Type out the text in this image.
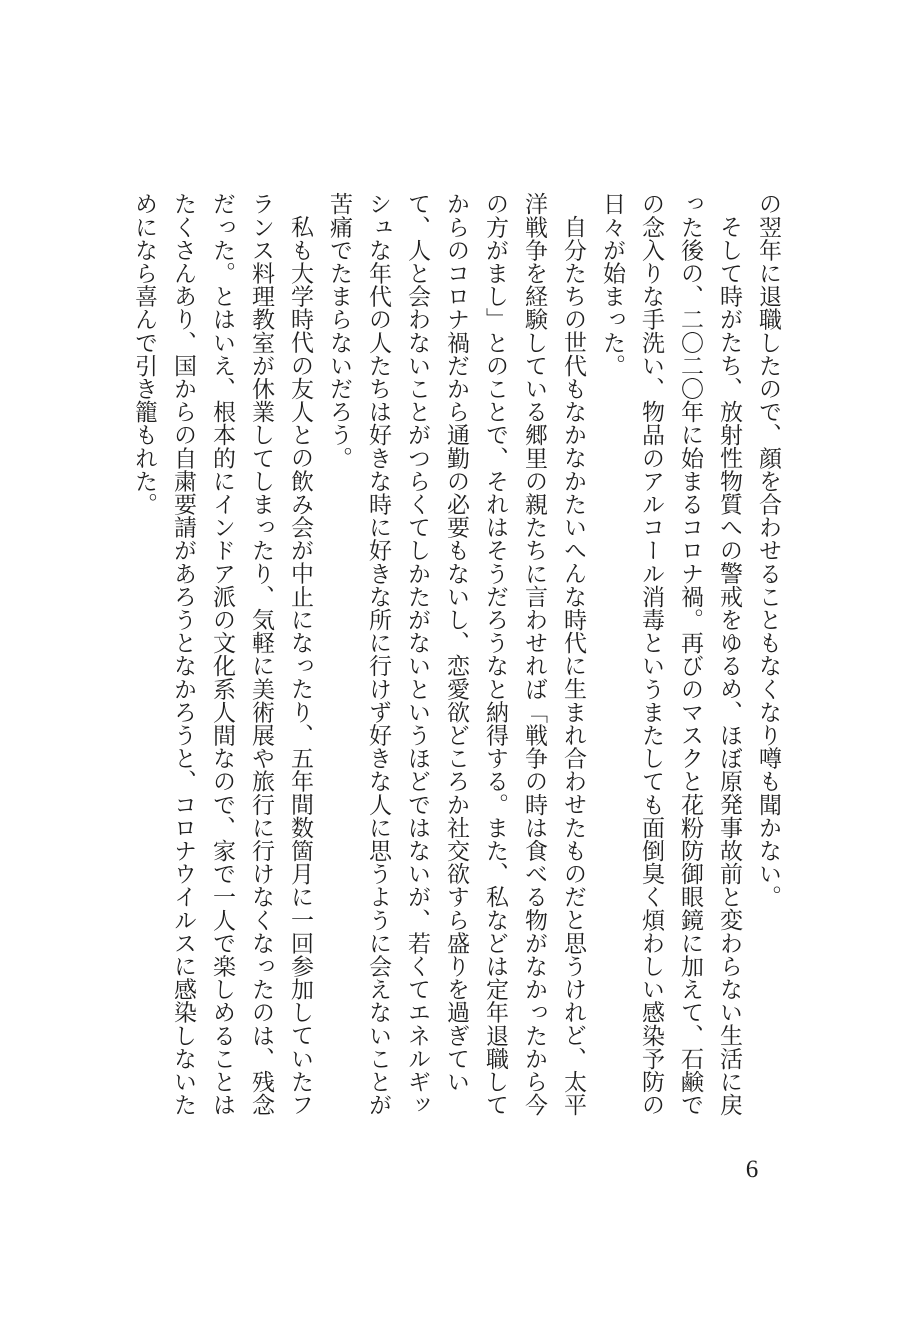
の翌年に退職したので、顔を合わせることもなくなり噂も聞かない。

そして時がたち、放射性物質への警戒をゆるめ、ほぼ原発事故前と変わらない生活に戻った後の、二〇二〇年に始まるコロナ禍。再びのマスクと花粉防御眼鏡に加えて、石鹸での念入りな手洗い、物品のアルコール消毒というまたしても面倒臭く煩わしい感染予防の日々が始まった。

自分たちの世代もなかなかたいへんな時代に生まれ合わせたものだと思うけれど、太平洋戦争を経験している郷里の親たちに言わせれば「戦争の時は食べる物がなかったから今の方がまし」とのことで、それはそうだろうなと納得する。また、私などは定年退職してからのコロナ禍だから通勤の必要もないし、恋愛欲どころか社交欲すら盛りを過ぎていて、人と会わないことがつらくてしかたがないというほどではないが、若くてエネルギッシュな年代の人たちは好きな時に好きな所に行けず好きな人に思うように会えないことが苦痛でたまらないだろう。

私も大学時代の友人との飲み会が中止になったり、五年間数箇月に一回参加していたフランス料理教室が休業してしまったり、気軽に美術展や旅行に行けなくなったのは、残念だった。とはいえ、根本的にインドア派の文化系人間なので、家で一人で楽しめることはたくさんあり、国からの自粛要請があろうとなかろうと、コロナウイルスに感染しないためになら喜んで引き籠もれた。

6
